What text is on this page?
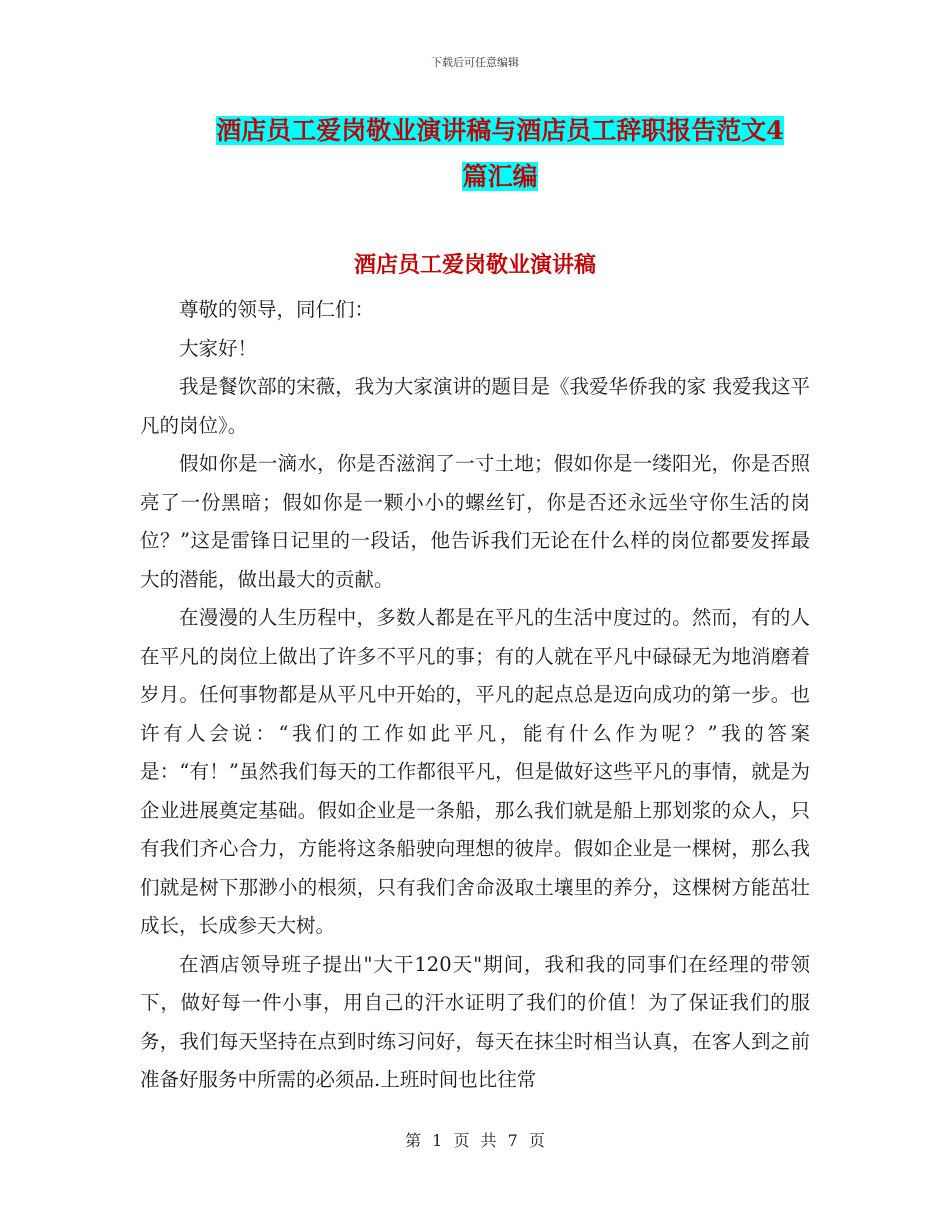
下载后可任意编辑
酒店员工爱岗敬业演讲稿与酒店员工辞职报告范文4
篇汇编
酒店员工爱岗敬业演讲稿

尊敬的领导，同仁们：

大家好！

我是餐饮部的宋薇，我为大家演讲的题目是《我爱华侨我的家 我爱我这平凡的岗位》。

假如你是一滴水，你是否滋润了一寸土地；假如你是一缕阳光，你是否照亮了一份黑暗；假如你是一颗小小的螺丝钉，你是否还永远坐守你生活的岗位？”这是雷锋日记里的一段话，他告诉我们无论在什么样的岗位都要发挥最大的潜能，做出最大的贡献。

在漫漫的人生历程中，多数人都是在平凡的生活中度过的。然而，有的人在平凡的岗位上做出了许多不平凡的事；有的人就在平凡中碌碌无为地消磨着岁月。任何事物都是从平凡中开始的，平凡的起点总是迈向成功的第一步。也许有人会说：“我们的工作如此平凡，能有什么作为呢？”我的答案是：“有！”虽然我们每天的工作都很平凡，但是做好这些平凡的事情，就是为企业进展奠定基础。假如企业是一条船，那么我们就是船上那划浆的众人，只有我们齐心合力，方能将这条船驶向理想的彼岸。假如企业是一棵树，那么我们就是树下那渺小的根须，只有我们舍命汲取土壤里的养分，这棵树方能茁壮成长，长成参天大树。

在酒店领导班子提出"大干120天"期间，我和我的同事们在经理的带领下，做好每一件小事，用自己的汗水证明了我们的价值！为了保证我们的服务，我们每天坚持在点到时练习问好，每天在抹尘时相当认真，在客人到之前准备好服务中所需的必须品.上班时间也比往常

第 1 页 共 7 页
